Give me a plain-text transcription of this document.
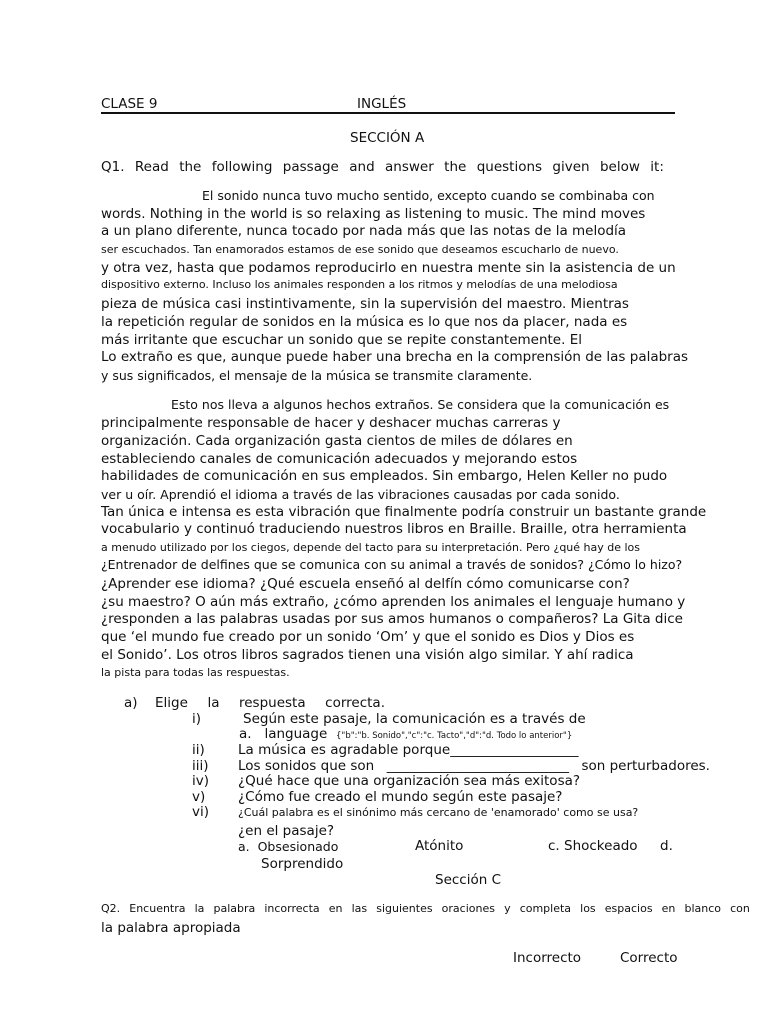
CLASE 9	INGLÉS
SECCIÓN A
Q1. Read the following passage and answer the questions given below it:
El sonido nunca tuvo mucho sentido, excepto cuando se combinaba con
words. Nothing in the world is so relaxing as listening to music. The mind moves
a un plano diferente, nunca tocado por nada más que las notas de la melodía
ser escuchados. Tan enamorados estamos de ese sonido que deseamos escucharlo de nuevo.
y otra vez, hasta que podamos reproducirlo en nuestra mente sin la asistencia de un
dispositivo externo. Incluso los animales responden a los ritmos y melodías de una melodiosa
pieza de música casi instintivamente, sin la supervisión del maestro. Mientras
la repetición regular de sonidos en la música es lo que nos da placer, nada es
más irritante que escuchar un sonido que se repite constantemente. El
Lo extraño es que, aunque puede haber una brecha en la comprensión de las palabras
y sus significados, el mensaje de la música se transmite claramente.
Esto nos lleva a algunos hechos extraños. Se considera que la comunicación es
principalmente responsable de hacer y deshacer muchas carreras y
organización. Cada organización gasta cientos de miles de dólares en
estableciendo canales de comunicación adecuados y mejorando estos
habilidades de comunicación en sus empleados. Sin embargo, Helen Keller no pudo
ver u oír. Aprendió el idioma a través de las vibraciones causadas por cada sonido.
Tan única e intensa es esta vibración que finalmente podría construir un bastante grande
vocabulario y continuó traduciendo nuestros libros en Braille. Braille, otra herramienta
a menudo utilizado por los ciegos, depende del tacto para su interpretación. Pero ¿qué hay de los
¿Entrenador de delfines que se comunica con su animal a través de sonidos? ¿Cómo lo hizo?
¿Aprender ese idioma? ¿Qué escuela enseñó al delfín cómo comunicarse con?
¿su maestro? O aún más extraño, ¿cómo aprenden los animales el lenguaje humano y
¿responden a las palabras usadas por sus amos humanos o compañeros? La Gita dice
que ‘el mundo fue creado por un sonido ‘Om’ y que el sonido es Dios y Dios es
el Sonido’. Los otros libros sagrados tienen una visión algo similar. Y ahí radica
la pista para todas las respuestas.
a) Elige la respuesta correcta.
i)	Según este pasaje, la comunicación es a través de
a. language {"b":"b. Sonido","c":"c. Tacto","d":"d. Todo lo anterior"}
ii) La música es agradable porque___________________
iii) Los sonidos que son ___________________________ son perturbadores.
iv) ¿Qué hace que una organización sea más exitosa?
v) ¿Cómo fue creado el mundo según este pasaje?
vi)	¿Cuál palabra es el sinónimo más cercano de 'enamorado' como se usa?
¿en el pasaje?
a. Obsesionado	Atónito	c. Shockeado d.
Sorprendido
Sección C
Q2. Encuentra la palabra incorrecta en las siguientes oraciones y completa los espacios en blanco con
la palabra apropiada
Incorrecto	Correcto
